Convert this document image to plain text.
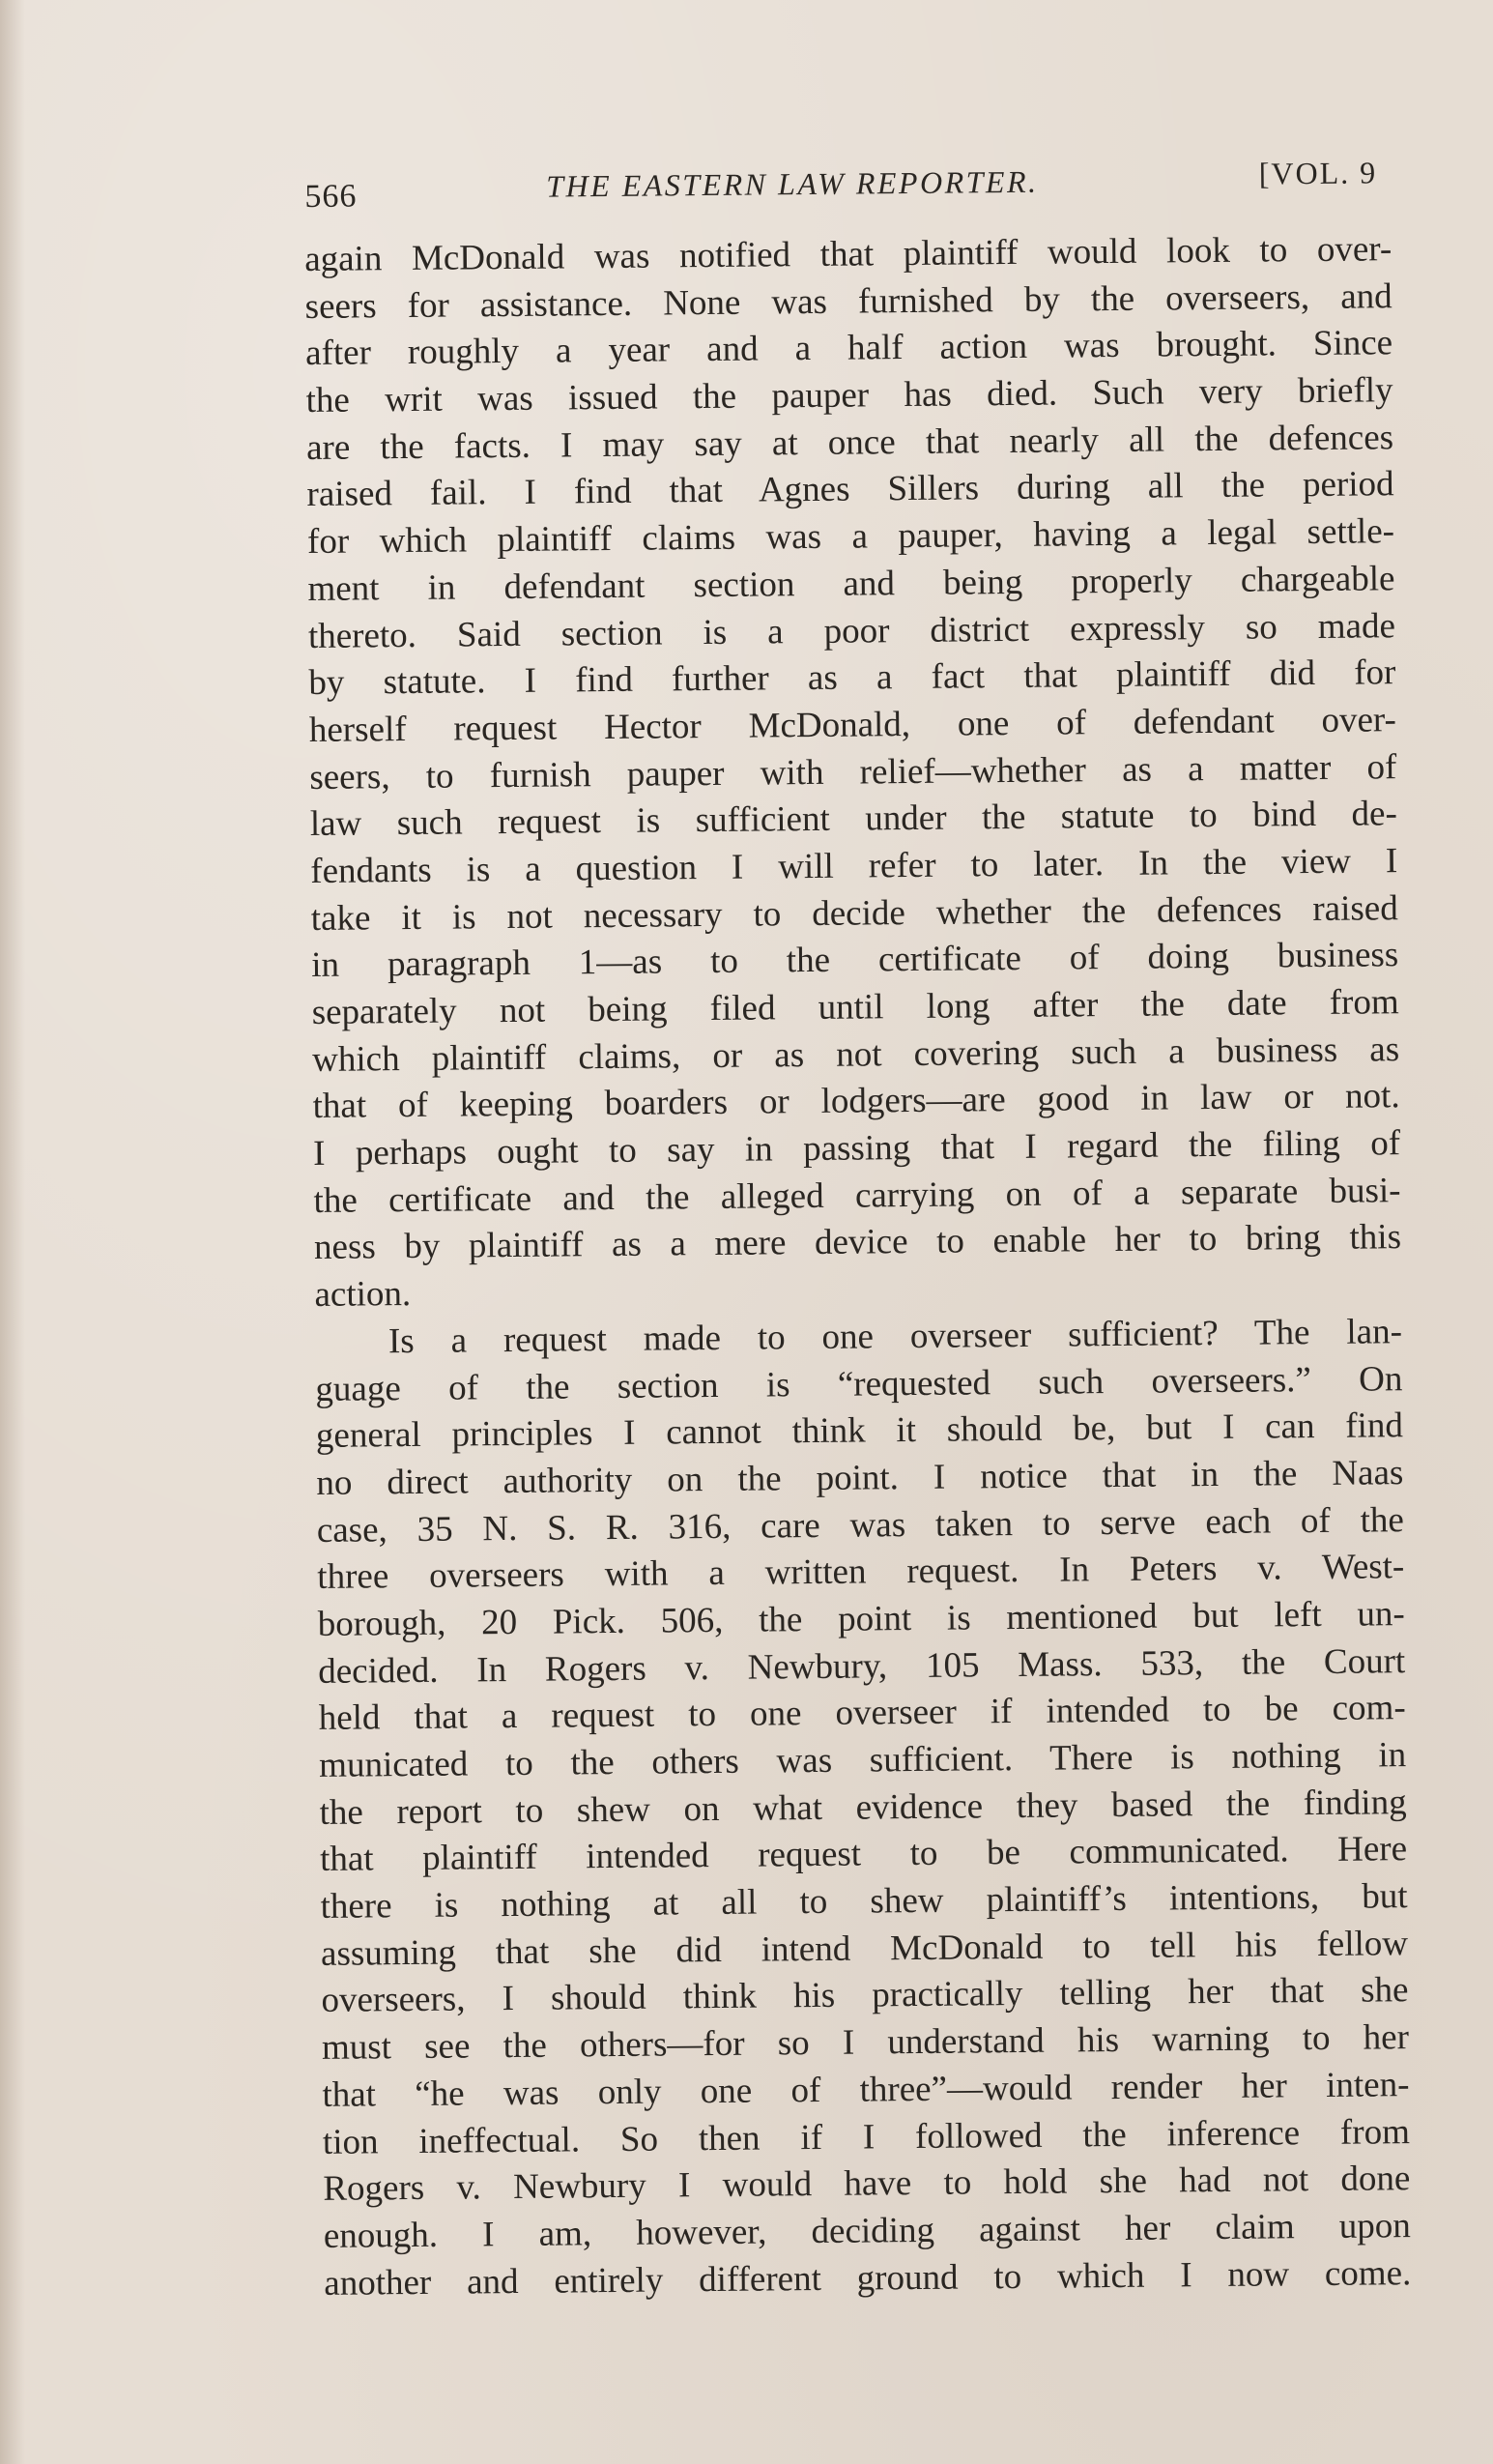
566	THE EASTERN LAW REPORTER.	[VOL. 9
again McDonald was notified that plaintiff would look to over-
seers for assistance. None was furnished by the overseers, and
after roughly a year and a half action was brought. Since
the writ was issued the pauper has died. Such very briefly
are the facts. I may say at once that nearly all the defences
raised fail. I find that Agnes Sillers during all the period
for which plaintiff claims was a pauper, having a legal settle-
ment in defendant section and being properly chargeable
thereto. Said section is a poor district expressly so made
by statute. I find further as a fact that plaintiff did for
herself request Hector McDonald, one of defendant over-
seers, to furnish pauper with relief—whether as a matter of
law such request is sufficient under the statute to bind de-
fendants is a question I will refer to later. In the view I
take it is not necessary to decide whether the defences raised
in paragraph 1—as to the certificate of doing business
separately not being filed until long after the date from
which plaintiff claims, or as not covering such a business as
that of keeping boarders or lodgers—are good in law or not.
I perhaps ought to say in passing that I regard the filing of
the certificate and the alleged carrying on of a separate busi-
ness by plaintiff as a mere device to enable her to bring this
action.
Is a request made to one overseer sufficient? The lan-
guage of the section is “requested such overseers.” On
general principles I cannot think it should be, but I can find
no direct authority on the point. I notice that in the Naas
case, 35 N. S. R. 316, care was taken to serve each of the
three overseers with a written request. In Peters v. West-
borough, 20 Pick. 506, the point is mentioned but left un-
decided. In Rogers v. Newbury, 105 Mass. 533, the Court
held that a request to one overseer if intended to be com-
municated to the others was sufficient. There is nothing in
the report to shew on what evidence they based the finding
that plaintiff intended request to be communicated. Here
there is nothing at all to shew plaintiff’s intentions, but
assuming that she did intend McDonald to tell his fellow
overseers, I should think his practically telling her that she
must see the others—for so I understand his warning to her
that “he was only one of three”—would render her inten-
tion ineffectual. So then if I followed the inference from
Rogers v. Newbury I would have to hold she had not done
enough. I am, however, deciding against her claim upon
another and entirely different ground to which I now come.
